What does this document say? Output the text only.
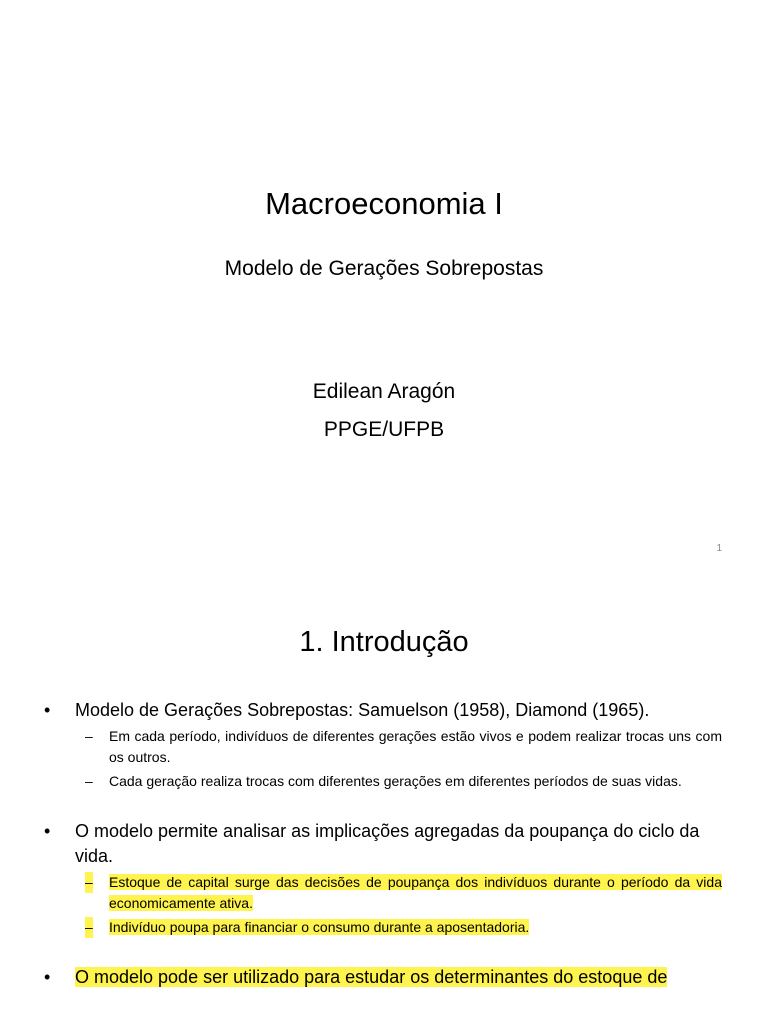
Macroeconomia I
Modelo de Gerações Sobrepostas
Edilean Aragón
PPGE/UFPB
1
1. Introdução
• Modelo de Gerações Sobrepostas: Samuelson (1958), Diamond (1965).
– Em cada período, indivíduos de diferentes gerações estão vivos e podem realizar trocas uns com os outros.
– Cada geração realiza trocas com diferentes gerações em diferentes períodos de suas vidas.
• O modelo permite analisar as implicações agregadas da poupança do ciclo da vida.
– Estoque de capital surge das decisões de poupança dos indivíduos durante o período da vida economicamente ativa.
– Indivíduo poupa para financiar o consumo durante a aposentadoria.
• O modelo pode ser utilizado para estudar os determinantes do estoque de
